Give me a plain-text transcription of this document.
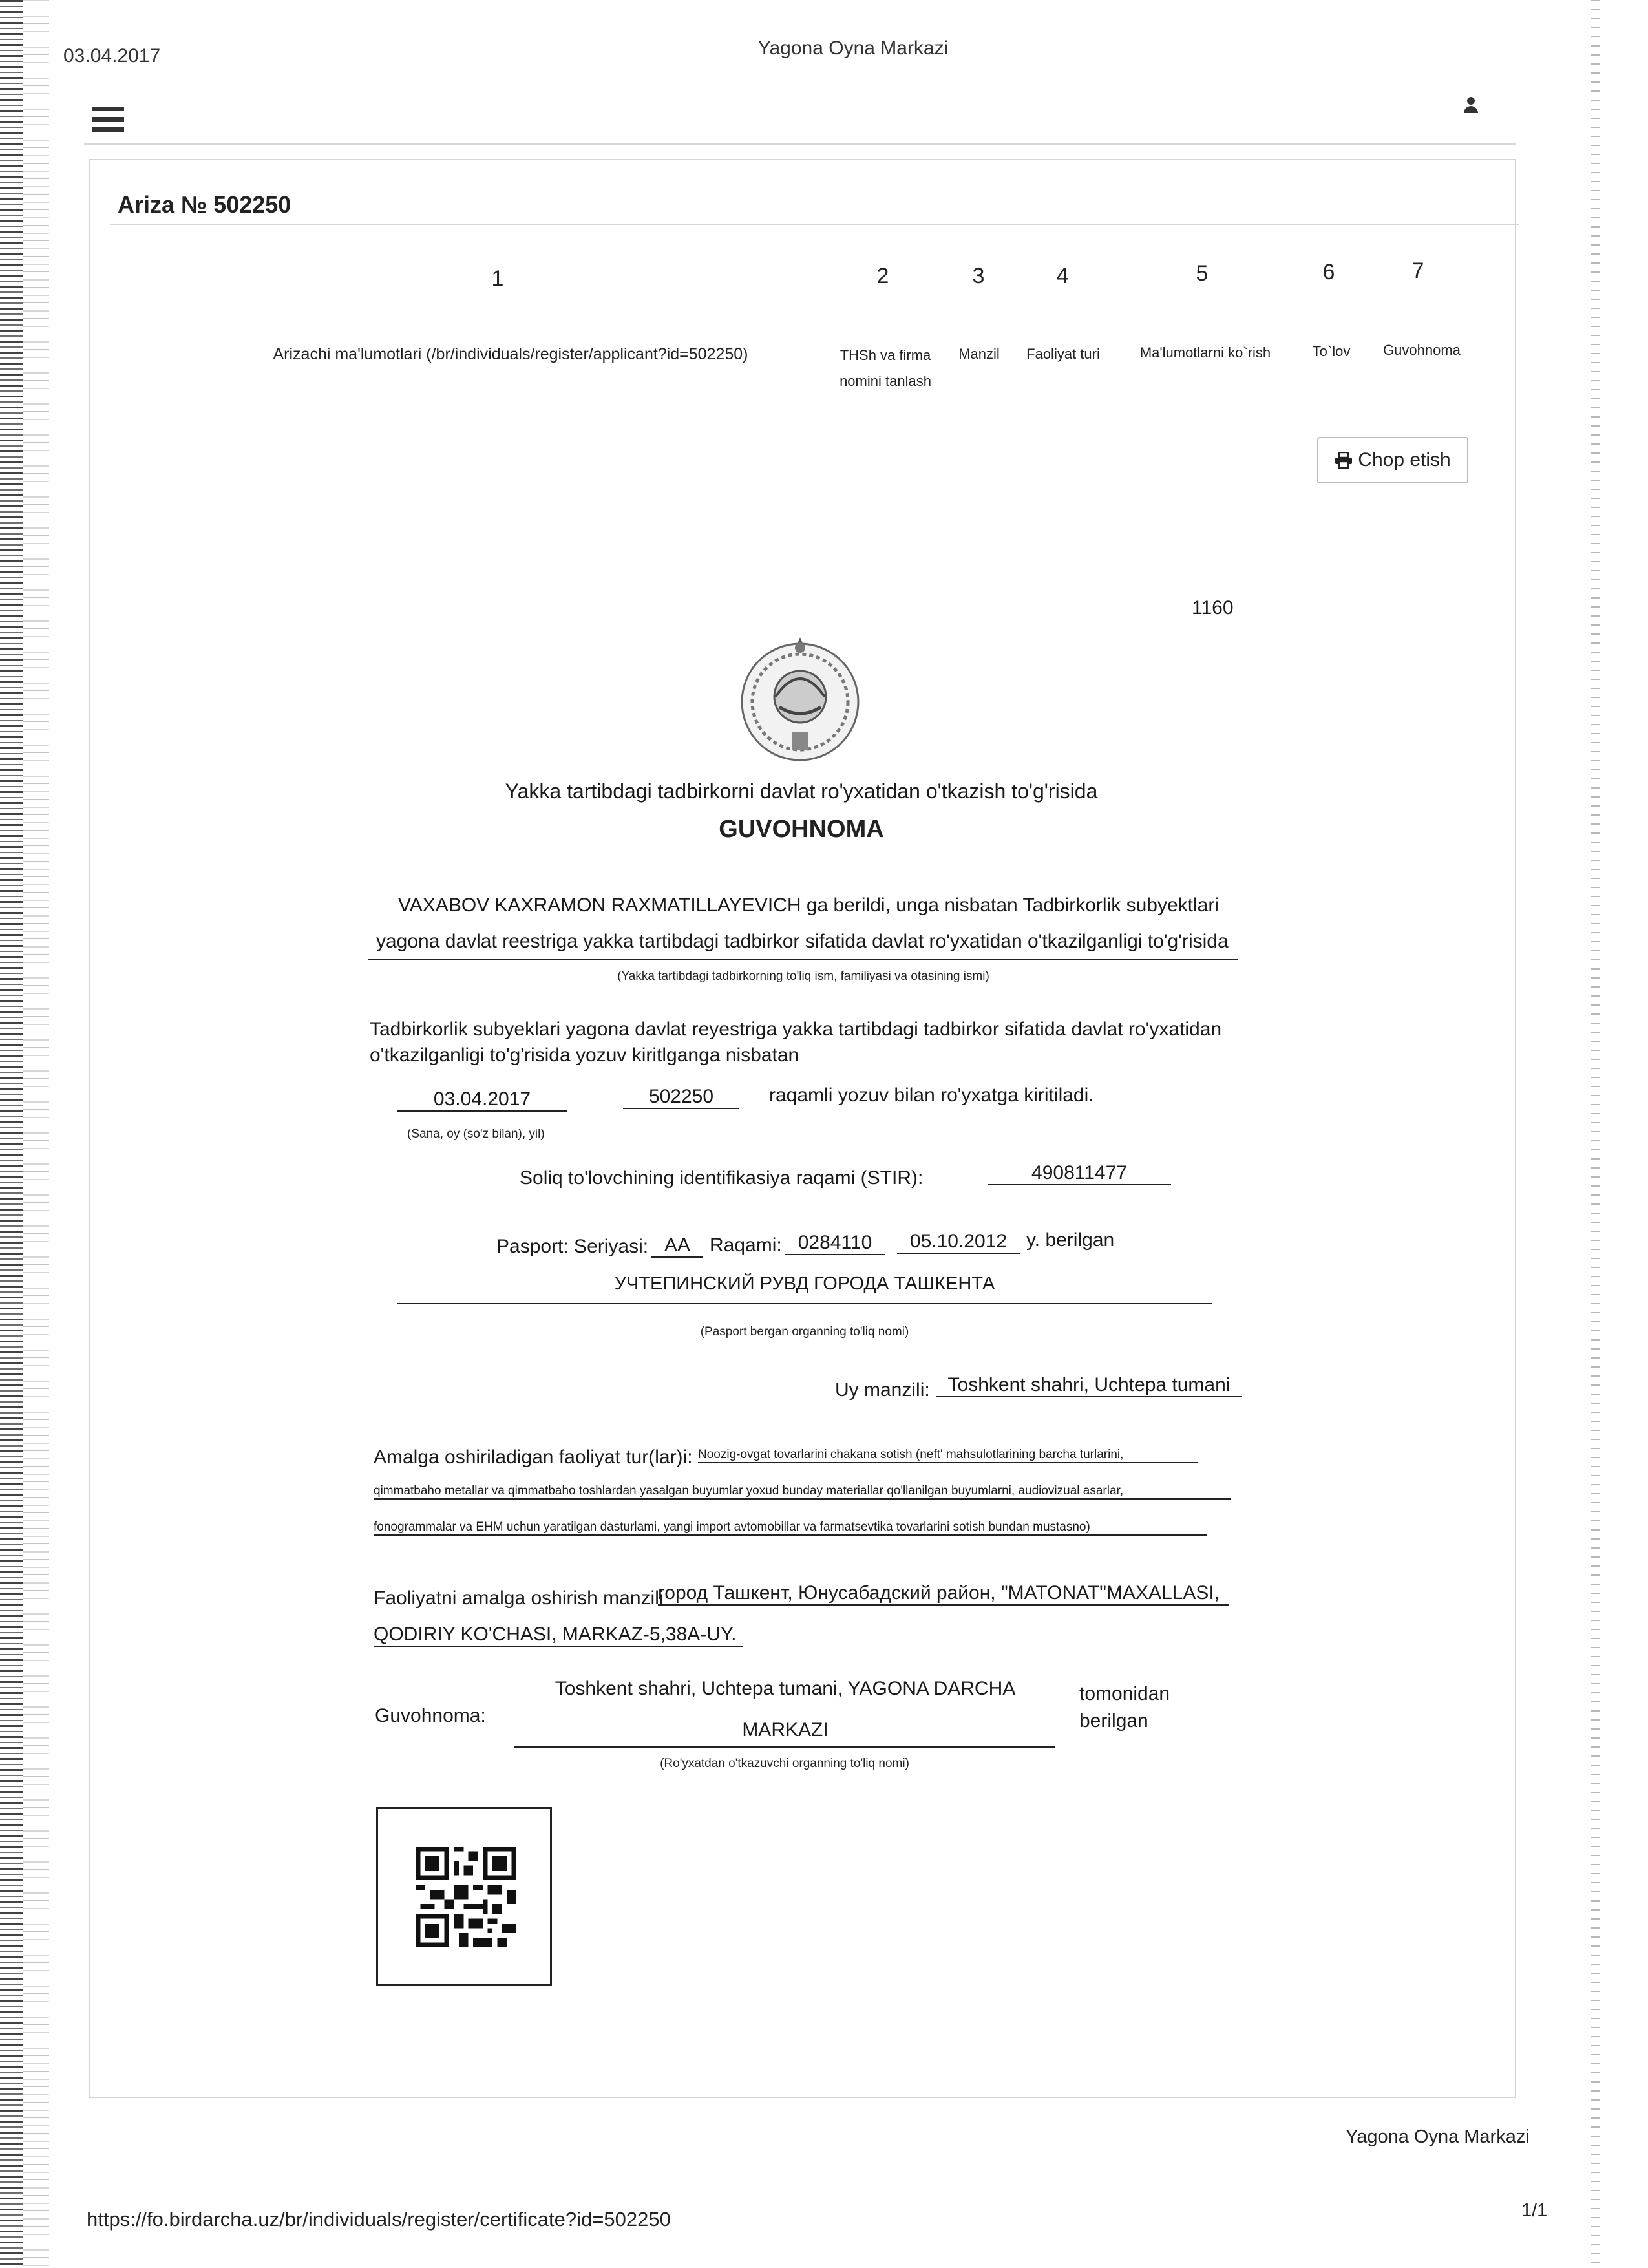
03.04.2017	Yagona Oyna Markazi
Ariza № 502250
1	2	3	4	5	6	7
Arizachi ma'lumotlari (/br/individuals/register/applicant?id=502250)	THSh va firma
nomini tanlash
Manzil	Faoliyat turi	Ma'lumotlarni ko`rish	To`lov	Guvohnoma
Chop etish
1160
Yakka tartibdagi tadbirkorni davlat ro'yxatidan o'tkazish to'g'risida
GUVOHNOMA
VAXABOV KAXRAMON RAXMATILLAYEVICH ga berildi, unga nisbatan Tadbirkorlik subyektlari
yagona davlat reestriga yakka tartibdagi tadbirkor sifatida davlat ro'yxatidan o'tkazilganligi to'g'risida
(Yakka tartibdagi tadbirkorning to'liq ism, familiyasi va otasining ismi)
Tadbirkorlik subyeklari yagona davlat reyestriga yakka tartibdagi tadbirkor sifatida davlat ro'yxatidan
o'tkazilganligi to'g'risida yozuv kiritlganga nisbatan
03.04.2017	502250	raqamli yozuv bilan ro'yxatga kiritiladi.
(Sana, oy (so'z bilan), yil)
Soliq to'lovchining identifikasiya raqami (STIR):	490811477
Pasport: Seriyasi: AA Raqami: 0284110	05.10.2012 y. berilgan
УЧТЕПИНСКИЙ РУВД ГОРОДА ТАШКЕНТА
(Pasport bergan organning to'liq nomi)
Uy manzili: Toshkent shahri, Uchtepa tumani
Amalga oshiriladigan faoliyat tur(lar)i: Noozig-ovgat tovarlarini chakana sotish (neft' mahsulotlarining barcha turlarini,
qimmatbaho metallar va qimmatbaho toshlardan yasalgan buyumlar yoxud bunday materiallar qo'llanilgan buyumlarni, audiovizual asarlar,
fonogrammalar va EHM uchun yaratilgan dasturlami, yangi import avtomobillar va farmatsevtika tovarlarini sotish bundan mustasno)
Faoliyatni amalga oshirish manzili
город Ташкент, Юнусабадский район, "MATONAT"MAXALLASI,
QODIRIY KO'CHASI, MARKAZ-5,38A-UY.
Guvohnoma:
Toshkent shahri, Uchtepa tumani, YAGONA DARCHA
MARKAZI
tomonidan
berilgan
(Ro'yxatdan o'tkazuvchi organning to'liq nomi)
Yagona Oyna Markazi
https://fo.birdarcha.uz/br/individuals/register/certificate?id=502250	1/1
